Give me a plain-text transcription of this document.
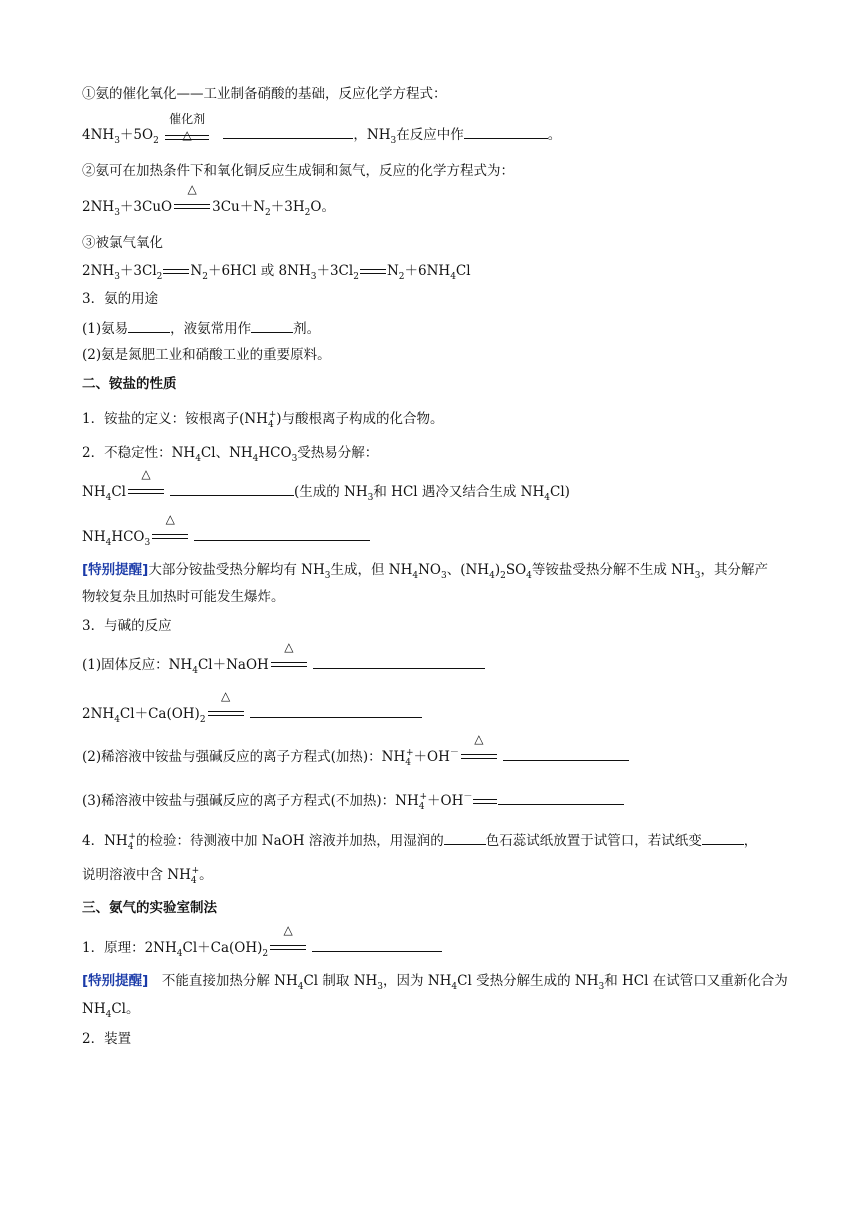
①氨的催化氧化——工业制备硝酸的基础，反应化学方程式：
$4NH_3+5O_2$
催化剂
△	，$NH_3$在反应中作	。
②氨可在加热条件下和氧化铜反应生成铜和氮气，反应的化学方程式为：
$2NH_3+3CuO$
△
$3Cu+N_2+3H_2O$。
③被氯气氧化
$2NH_3+3Cl_2$ $N_2+6HCl$ 或 $8NH_3+3Cl_2$ $N_2+6NH_4Cl$
3．氨的用途
(1)氨易	，液氨常用作	剂。
(2)氨是氮肥工业和硝酸工业的重要原料。
二、铵盐的性质
1．铵盐的定义：铵根离子$(NH_4^+)$与酸根离子构成的化合物。
2．不稳定性：$NH_4Cl$、$NH_4HCO_3$受热易分解：
$NH_4Cl$
△
(生成的 $NH_3$和 HCl 遇冷又结合生成 $NH_4Cl$)
$NH_4HCO_3$
△
[特别提醒]大部分铵盐受热分解均有 $NH_3$生成，但 $NH_4NO_3$、$(NH_4)_2SO_4$等铵盐受热分解不生成 $NH_3$，其分解产
物较复杂且加热时可能发生爆炸。
3．与碱的反应
(1)固体反应：$NH_4Cl+NaOH$
△
$2NH_4Cl+Ca(OH)_2$
△
(2)稀溶液中铵盐与强碱反应的离子方程式(加热)：$NH_4^++OH^-$
△
(3)稀溶液中铵盐与强碱反应的离子方程式(不加热)：$NH_4^++OH^-$
4．$NH_4^+$的检验：待测液中加 NaOH 溶液并加热，用湿润的	色石蕊试纸放置于试管口，若试纸变	，
说明溶液中含 $NH_4^+$。
三、氨气的实验室制法
1．原理：$2NH_4Cl+Ca(OH)_2$
△
[特别提醒]　 不能直接加热分解 $NH_4Cl$ 制取 $NH_3$，因为 $NH_4Cl$ 受热分解生成的 $NH_3$和 HCl 在试管口又重新化合为
$NH_4Cl$。
2．装置
